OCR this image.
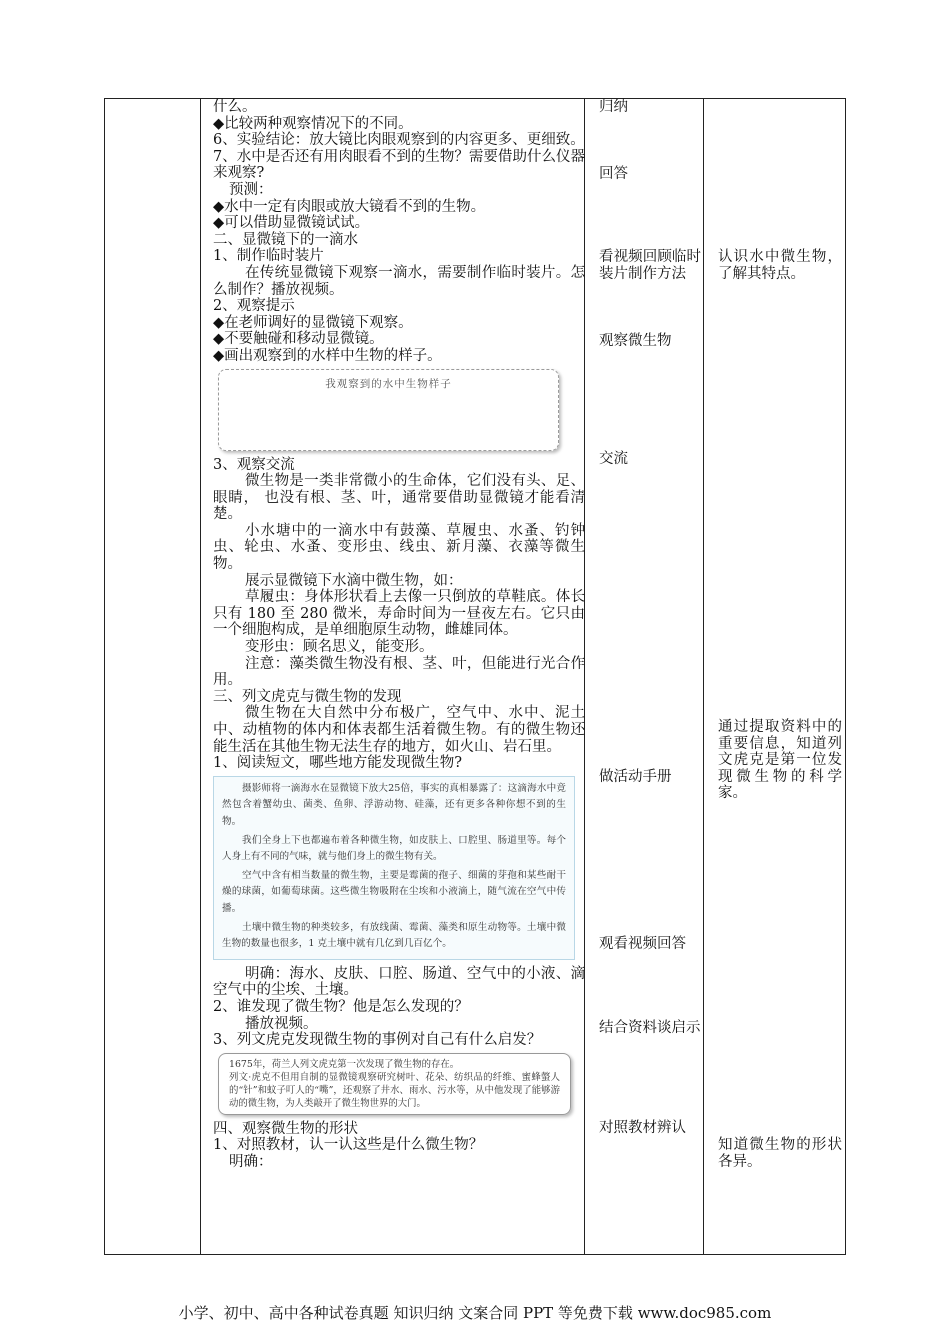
什么。

◆比较两种观察情况下的不同。

6、实验结论：放大镜比肉眼观察到的内容更多、更细致。

7、水中是否还有用肉眼看不到的生物？需要借助什么仪器来观察?

预测：

◆水中一定有肉眼或放大镜看不到的生物。

◆可以借助显微镜试试。

二、显微镜下的一滴水

1、制作临时装片

在传统显微镜下观察一滴水，需要制作临时装片。怎么制作？播放视频。

2、观察提示

◆在老师调好的显微镜下观察。

◆不要触碰和移动显微镜。

◆画出观察到的水样中生物的样子。

我观察到的水中生物样子

3、观察交流

微生物是一类非常微小的生命体，它们没有头、足、眼睛， 也没有根、茎、叶，通常要借助显微镜才能看清楚。

小水塘中的一滴水中有鼓藻、草履虫、水蚤、钓钟虫、轮虫、水蚤、变形虫、线虫、新月藻、衣藻等微生物。

展示显微镜下水滴中微生物，如：

草履虫：身体形状看上去像一只倒放的草鞋底。体长只有 180 至 280 微米，寿命时间为一昼夜左右。它只由一个细胞构成，是单细胞原生动物，雌雄同体。

变形虫：顾名思义，能变形。

注意：藻类微生物没有根、茎、叶，但能进行光合作用。

三、列文虎克与微生物的发现

微生物在大自然中分布极广，空气中、水中、泥土中、动植物的体内和体表都生活着微生物。有的微生物还能生活在其他生物无法生存的地方，如火山、岩石里。

1、阅读短文，哪些地方能发现微生物?

摄影师将一滴海水在显微镜下放大25倍，事实的真相暴露了：这滴海水中竟然包含着蟹幼虫、菌类、鱼卵、浮游动物、硅藻，还有更多各种你想不到的生物。

我们全身上下也都遍布着各种微生物，如皮肤上、口腔里、肠道里等。每个人身上有不同的气味，就与他们身上的微生物有关。

空气中含有相当数量的微生物，主要是霉菌的孢子、细菌的芽孢和某些耐干燥的球菌，如葡萄球菌。这些微生物吸附在尘埃和小液滴上，随气流在空气中传播。

土壤中微生物的种类较多，有放线菌、霉菌、藻类和原生动物等。土壤中微生物的数量也很多，1 克土壤中就有几亿到几百亿个。

明确：海水、皮肤、口腔、肠道、空气中的小液、滴空气中的尘埃、土壤。

2、谁发现了微生物？他是怎么发现的？

播放视频。

3、列文虎克发现微生物的事例对自己有什么启发？

1675年，荷兰人列文虎克第一次发现了微生物的存在。

列文·虎克不但用自制的显微镜观察研究树叶、花朵、纺织品的纤维、蜜蜂螫人的“针”和蚊子叮人的“嘴”，还观察了井水、雨水、污水等，从中他发现了能够游动的微生物，为人类敲开了微生物世界的大门。

四、观察微生物的形状

1、对照教材，认一认这些是什么微生物？

明确：

归纳

回答

看视频回顾临时装片制作方法

观察微生物

交流

做活动手册

观看视频回答

结合资料谈启示

对照教材辨认

认识水中微生物，了解其特点。

通过提取资料中的重要信息，知道列文虎克是第一位发现微生物的科学家。

知道微生物的形状各异。

小学、初中、高中各种试卷真题 知识归纳 文案合同 PPT 等免费下载 www.doc985.com
